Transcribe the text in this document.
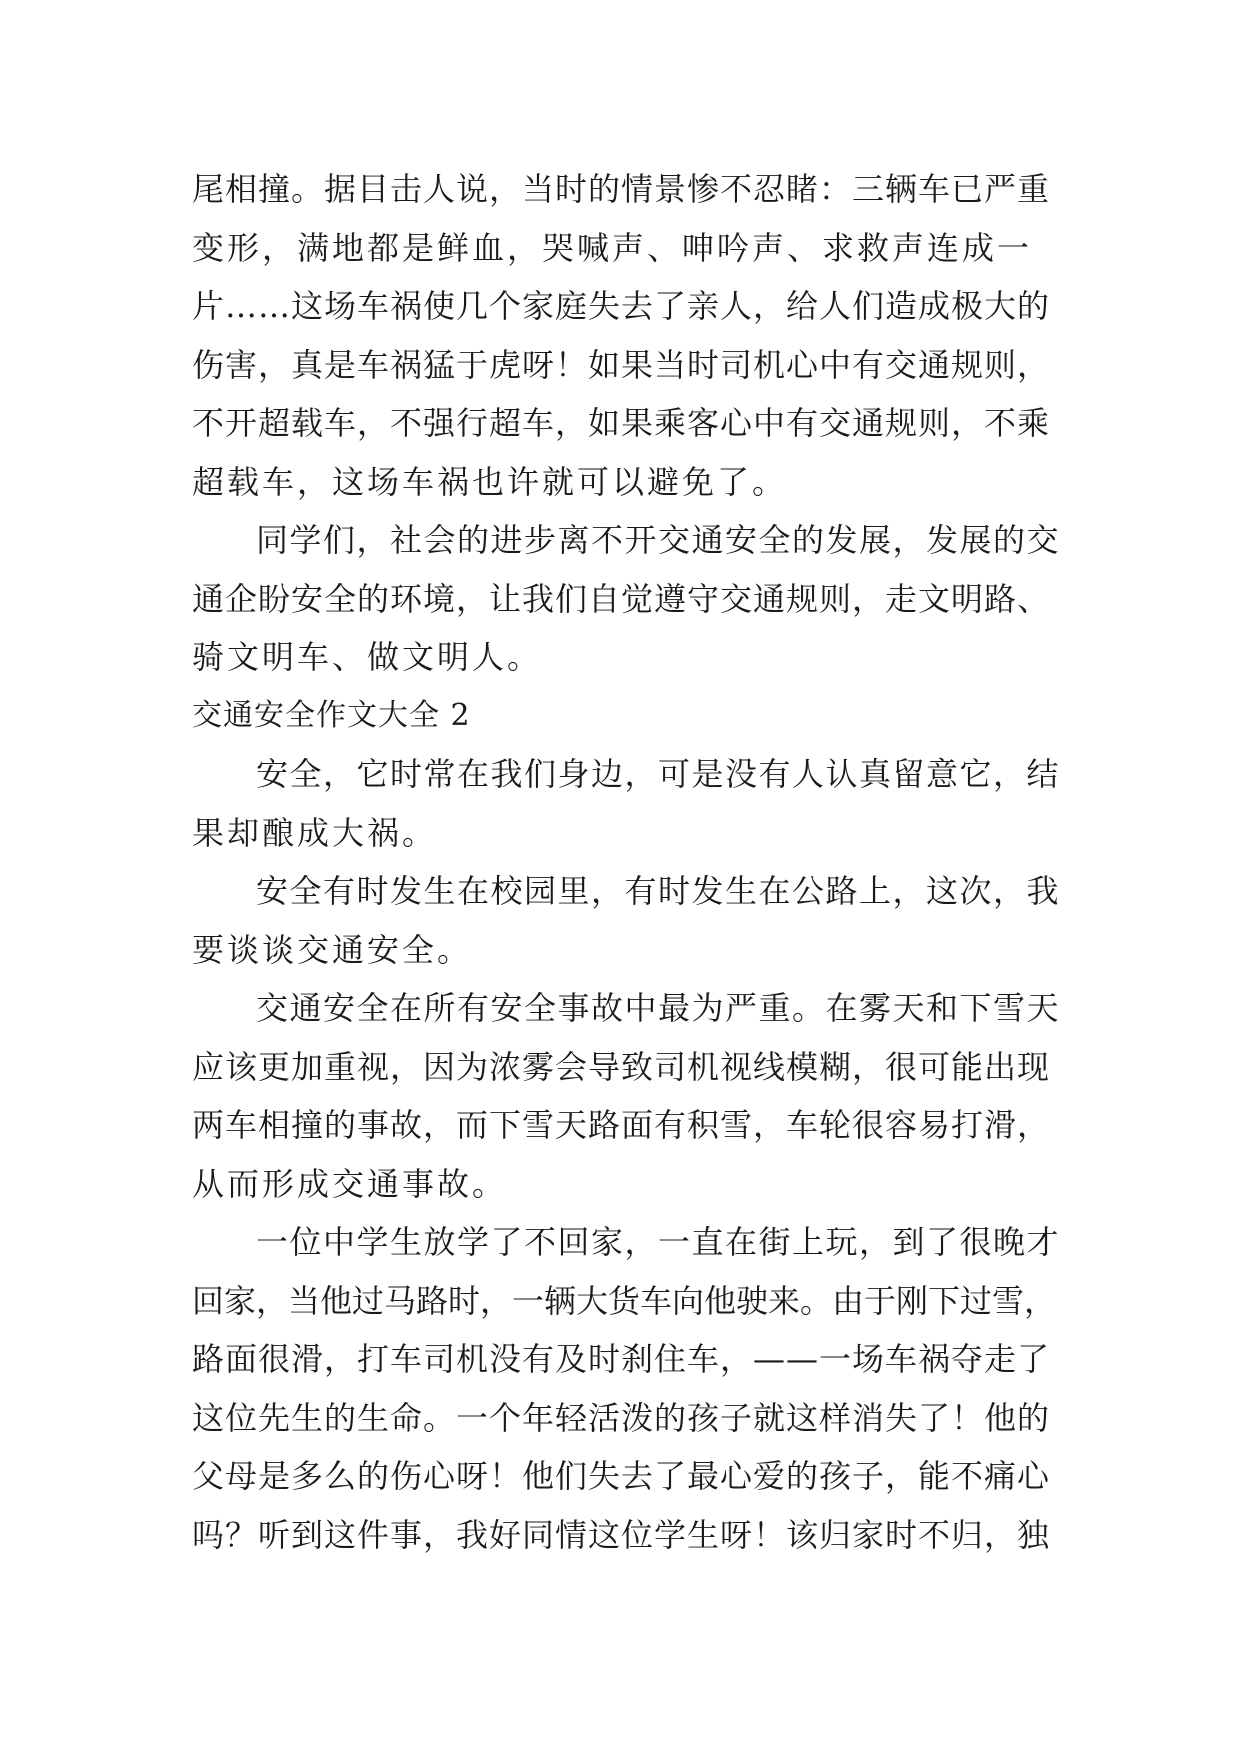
尾相撞。据目击人说，当时的情景惨不忍睹：三辆车已严重
变形，满地都是鲜血，哭喊声、呻吟声、求救声连成一
片……这场车祸使几个家庭失去了亲人，给人们造成极大的
伤害，真是车祸猛于虎呀！如果当时司机心中有交通规则，
不开超载车，不强行超车，如果乘客心中有交通规则，不乘
超载车，这场车祸也许就可以避免了。
同学们，社会的进步离不开交通安全的发展，发展的交
通企盼安全的环境，让我们自觉遵守交通规则，走文明路、
骑文明车、做文明人。
交通安全作文大全 2
安全，它时常在我们身边，可是没有人认真留意它，结
果却酿成大祸。
安全有时发生在校园里，有时发生在公路上，这次，我
要谈谈交通安全。
交通安全在所有安全事故中最为严重。在雾天和下雪天
应该更加重视，因为浓雾会导致司机视线模糊，很可能出现
两车相撞的事故，而下雪天路面有积雪，车轮很容易打滑，
从而形成交通事故。
一位中学生放学了不回家，一直在街上玩，到了很晚才
回家，当他过马路时，一辆大货车向他驶来。由于刚下过雪，
路面很滑，打车司机没有及时刹住车，——一场车祸夺走了
这位先生的生命。一个年轻活泼的孩子就这样消失了！他的
父母是多么的伤心呀！他们失去了最心爱的孩子，能不痛心
吗？听到这件事，我好同情这位学生呀！该归家时不归，独
